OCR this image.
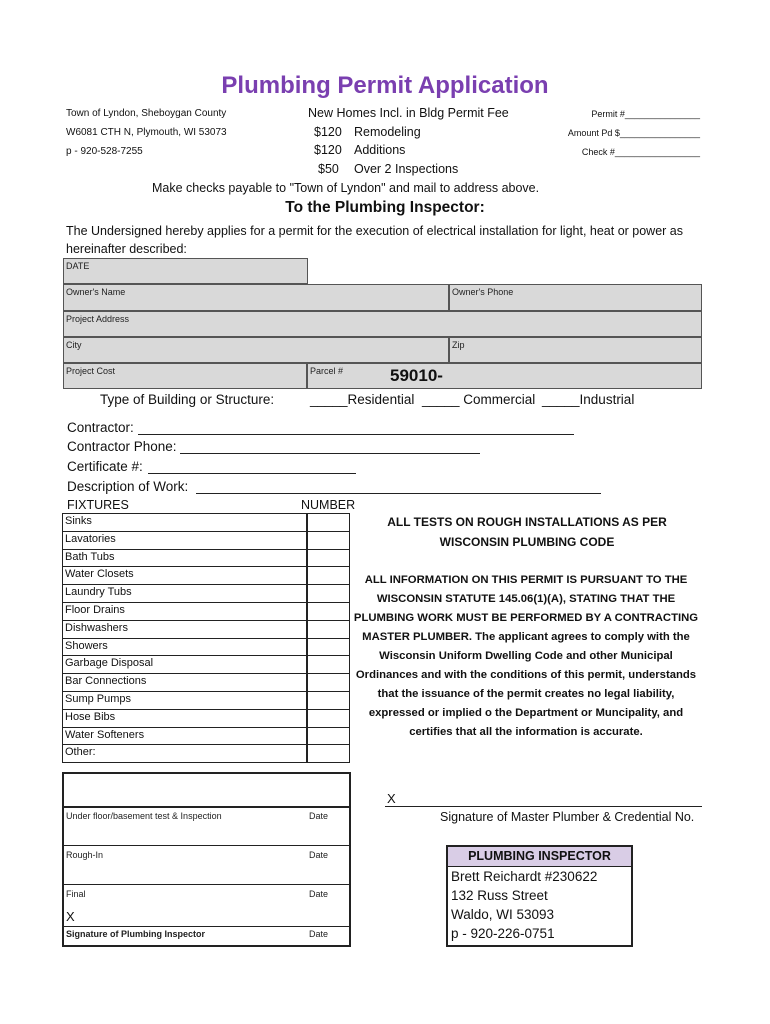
Plumbing Permit Application
Town of Lyndon, Sheboygan County
W6081 CTH N, Plymouth, WI 53073
p - 920-528-7255
New Homes Incl. in Bldg Permit Fee
$120 Remodeling
$120 Additions
$50 Over 2 Inspections
Make checks payable to "Town of Lyndon" and mail to address above.
Permit #_______________
Amount Pd $________________
Check #_________________
To the Plumbing Inspector:
The Undersigned hereby applies for a permit for the execution of electrical installation for light, heat or power as hereinafter described:
DATE
Owner's Name	Owner's Phone
Project Address
City	Zip
Project Cost	Parcel #	59010-
Type of Building or Structure:	_____Residential _____ Commercial _____Industrial
Contractor:
Contractor Phone:
Certificate #:
Description of Work:
FIXTURES	NUMBER
Sinks
Lavatories
Bath Tubs
Water Closets
Laundry Tubs
Floor Drains
Dishwashers
Showers
Garbage Disposal
Bar Connections
Sump Pumps
Hose Bibs
Water Softeners
Other:
ALL TESTS ON ROUGH INSTALLATIONS AS PER WISCONSIN PLUMBING CODE
ALL INFORMATION ON THIS PERMIT IS PURSUANT TO THE WISCONSIN STATUTE 145.06(1)(A), STATING THAT THE PLUMBING WORK MUST BE PERFORMED BY A CONTRACTING MASTER PLUMBER. The applicant agrees to comply with the Wisconsin Uniform Dwelling Code and other Municipal Ordinances and with the conditions of this permit, understands that the issuance of the permit creates no legal liability, expressed or implied o the Department or Muncipality, and certifies that all the information is accurate.
Under floor/basement test & Inspection	Date
Rough-In	Date
Final	Date
X
Signature of Plumbing Inspector	Date
X
Signature of Master Plumber & Credential No.
PLUMBING INSPECTOR
Brett Reichardt #230622
132 Russ Street
Waldo, WI 53093
p - 920-226-0751
